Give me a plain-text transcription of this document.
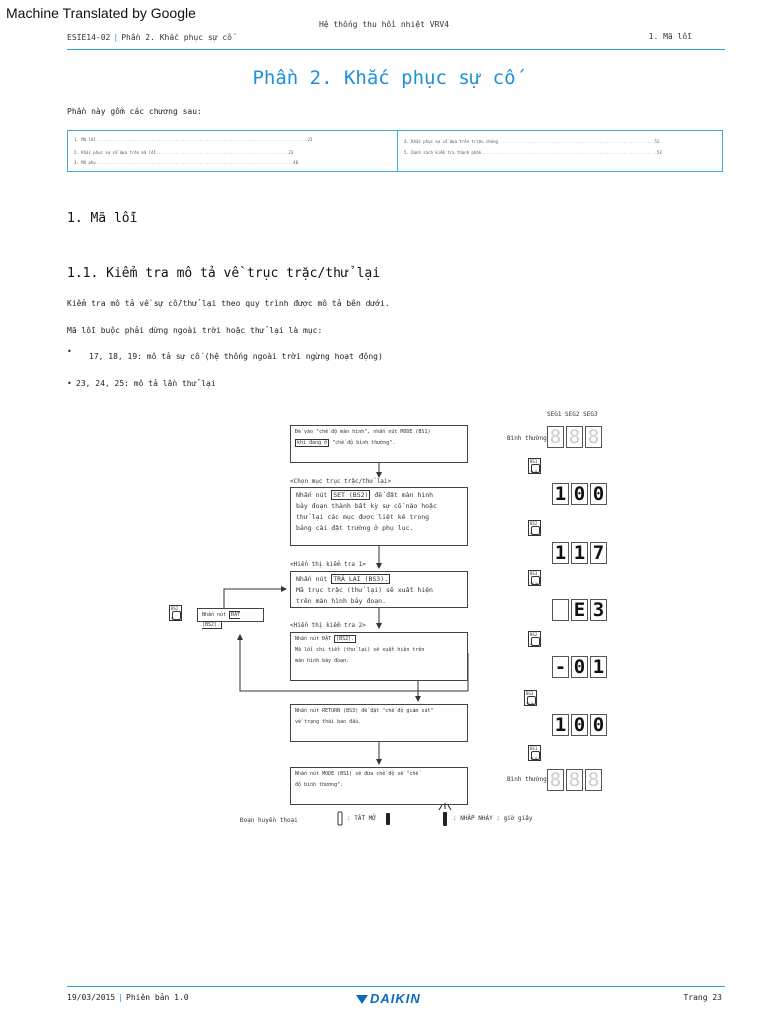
Machine Translated by Google
Hệ thống thu hồi nhiệt VRV4
ESIE14-02 | Phần 2. Khắc phục sự cố	1. Mã lỗi
Phần 2. Khắc phục sự cố
Phần này gồm các chương sau:
1. Mã lỗi........................................................................................23
2. Khắc phục sự cố dựa trên mã lỗi.......................................................23
3. Mã phụ..................................................................................48
4. Khắc phục sự cố dựa trên triệu chứng.................................................................52
5. Danh sách kiểm tra thành phần.........................................................................53
1. Mã lỗi
1.1. Kiểm tra mô tả về trục trặc/thử lại
Kiểm tra mô tả về sự cố/thử lại theo quy trình được mô tả bên dưới.
Mã lỗi buộc phải dừng ngoài trời hoặc thử lại là mục:
•
17, 18, 19: mô tả sự cố (hệ thống ngoài trời ngừng hoạt động)
• 23, 24, 25: mô tả lần thử lại
Để vào "chế độ màn hình", nhấn nút MODE (BS1)
khi đang ở "chế độ bình thường".
<Chọn mục trục trặc/thử lại>
Nhấn nút SET (BS2) để đặt màn hình
bảy đoạn thành bất kỳ sự cố nào hoặc
thử lại các mục được liệt kê trong
bảng cài đặt trường ở phụ lục.
<Hiển thị kiểm tra 1>
Nhấn nút TRẢ LẠI (BS3).
Mã trục trặc (thử lại) sẽ xuất hiện
trên màn hình bảy đoạn.
<Hiển thị kiểm tra 2>
Nhấn nút ĐẶT (BS2).
Mã lỗi chi tiết (thử lại) sẽ xuất hiện trên
màn hình bảy đoạn.
Nhấn nút RETURN (BS3) để đặt "chế độ giám sát"
về trạng thái ban đầu.
Nhấn nút MODE (BS1) sẽ đưa chế độ về "chế
độ bình thường".
BS2
BỘ
Nhấn nút ĐẶT (BS2).
SEG1 SEG2 SEG3
Bình thường 8 8 8
BS1
CHẾ ĐỘ
1 0 0
BS2
BỘ
1 1 7
BS3
TRẢ LẠI
E 3
BS2
BỘ
- 0 1
BS3
TRẢ LẠI
1 0 0
BS1
CHẾ ĐỘ
Bình thường 8 8 8
Đoạn huyền thoại	: TẮT MỞ	: NHẤP NHÁY : giờ giây
19/03/2015 | Phiên bản 1.0	DAIKIN	Trang 23
